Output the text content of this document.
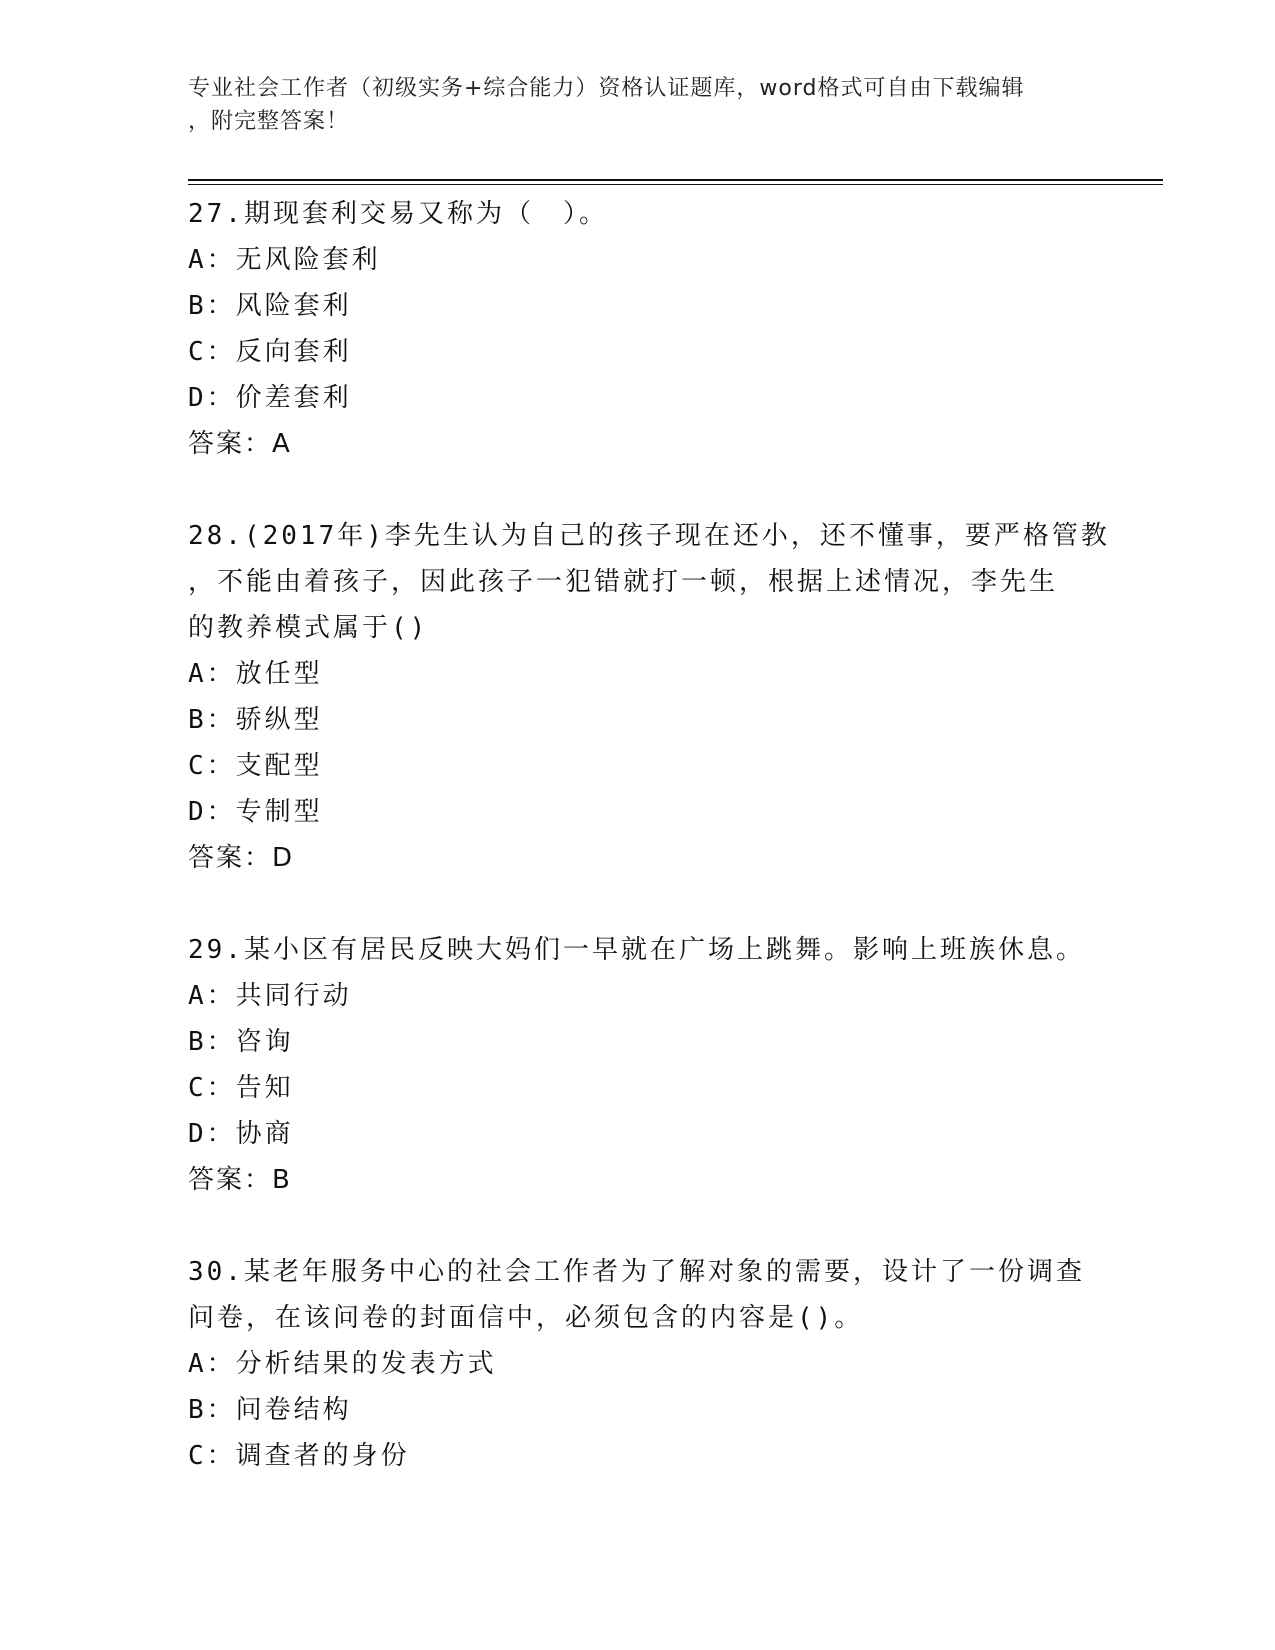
专业社会工作者（初级实务+综合能力）资格认证题库，word格式可自由下载编辑
，附完整答案！
27.期现套利交易又称为（　）。
A：无风险套利
B：风险套利
C：反向套利
D：价差套利
答案：A
28.(2017年)李先生认为自己的孩子现在还小，还不懂事，要严格管教
，不能由着孩子，因此孩子一犯错就打一顿，根据上述情况，李先生
的教养模式属于()
A：放任型
B：骄纵型
C：支配型
D：专制型
答案：D
29.某小区有居民反映大妈们一早就在广场上跳舞。影响上班族休息。
A：共同行动
B：咨询
C：告知
D：协商
答案：B
30.某老年服务中心的社会工作者为了解对象的需要，设计了一份调查
问卷，在该问卷的封面信中，必须包含的内容是()。
A：分析结果的发表方式
B：问卷结构
C：调查者的身份
